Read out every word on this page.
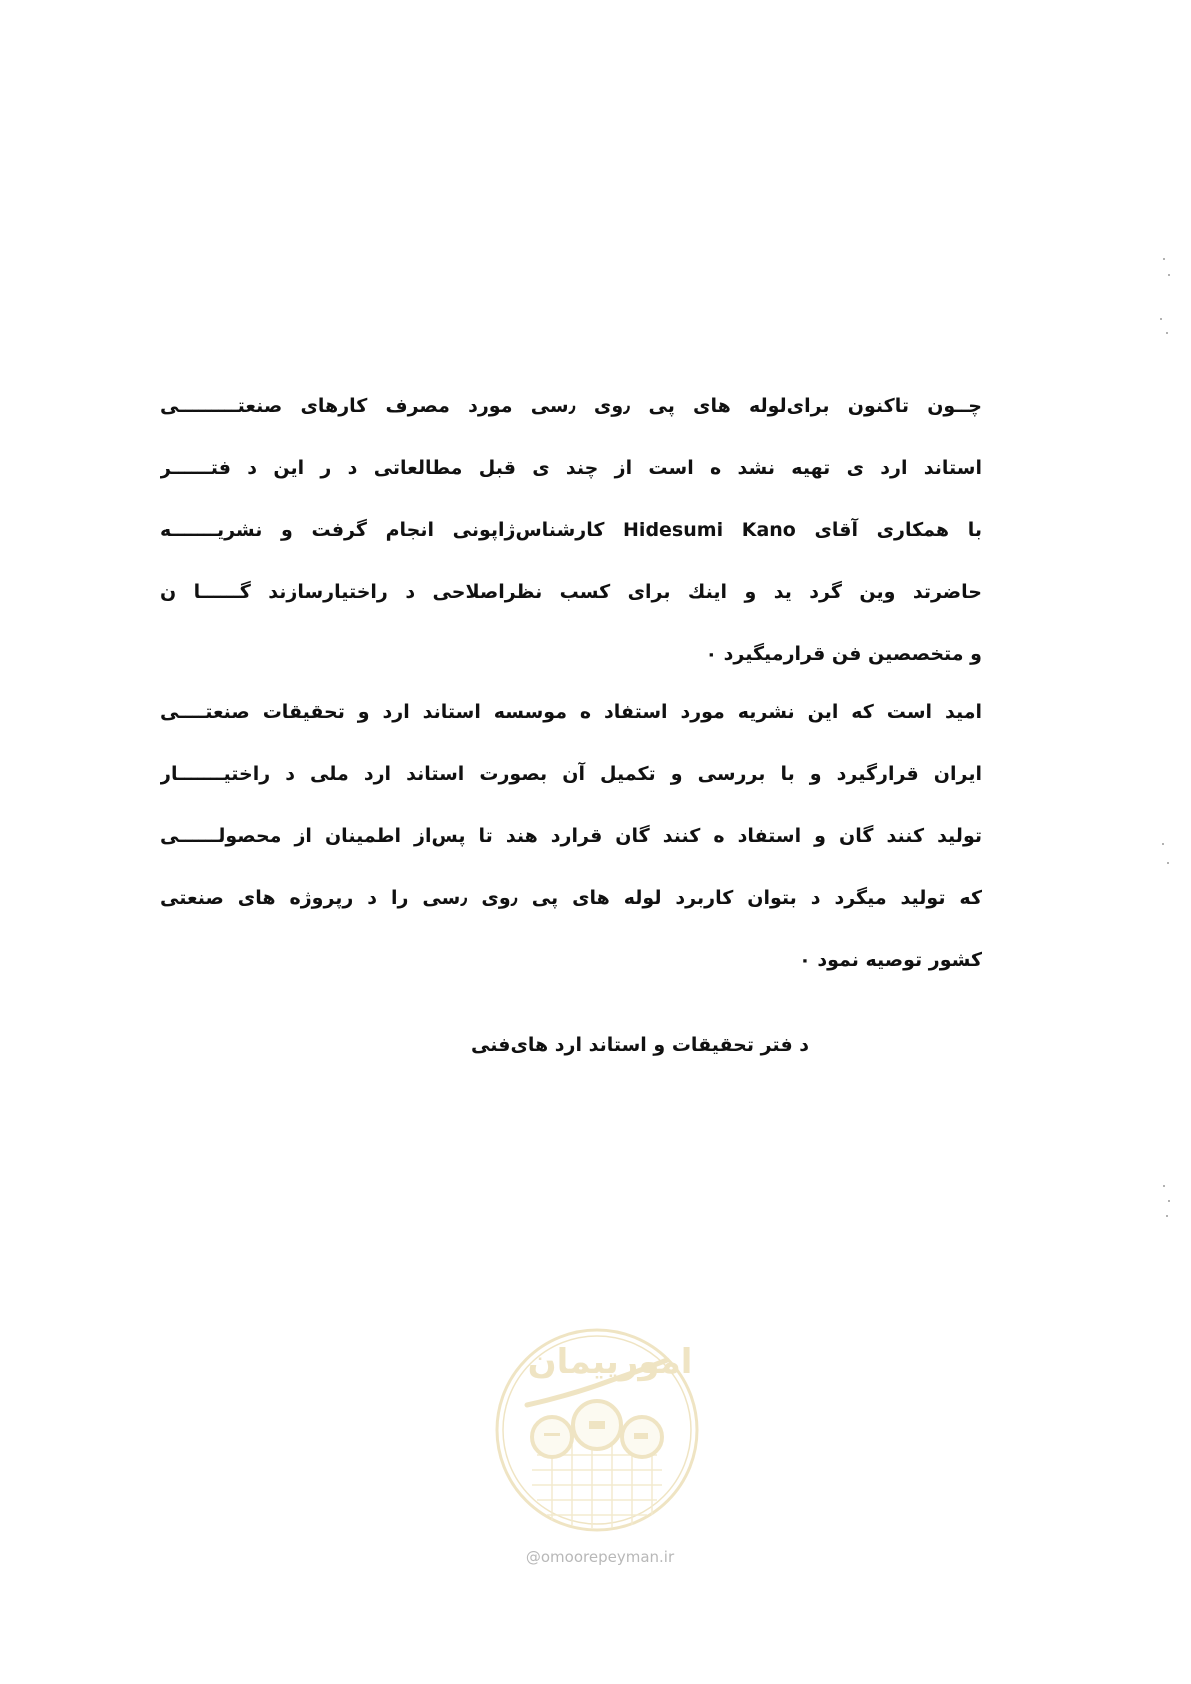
چــون تاکنون برای‌لوله های پی ٫وی ٫سی مورد مصرف کارهای صنعتـــــــــی
استاند ارد ی تهیه نشد ه است از چند ی قبل مطالعاتی د ر این د فتــــــر
با همکاری آقای Hidesumi Kano کارشناس‌ژاپونی انجام گرفت و نشریـــــــه
حاضرتد وین گرد ید و اینك برای کسب نظراصلاحی د راختیارسازند گــــــا ن
و متخصصین فن قرارمیگیرد ٠
امید است که این نشریه مورد استفاد ه موسسه استاند ارد و تحقیقات صنعتــــی
ایران قرارگیرد و با بررسی و تکمیل آن بصورت استاند ارد ملی د راختیـــــــار
تولید کنند گان و استفاد ه کنند گان قرارد هند تا پس‌از اطمینان از محصولــــــی
که تولید میگرد د بتوان کاربرد لوله های پی ٫وی ٫سی را د رپروژه های صنعتی
کشور توصیه نمود ٠
د فتر تحقیقات و استاند ارد های‌فنی
امورپیمان
@omoorepeyman.ir
